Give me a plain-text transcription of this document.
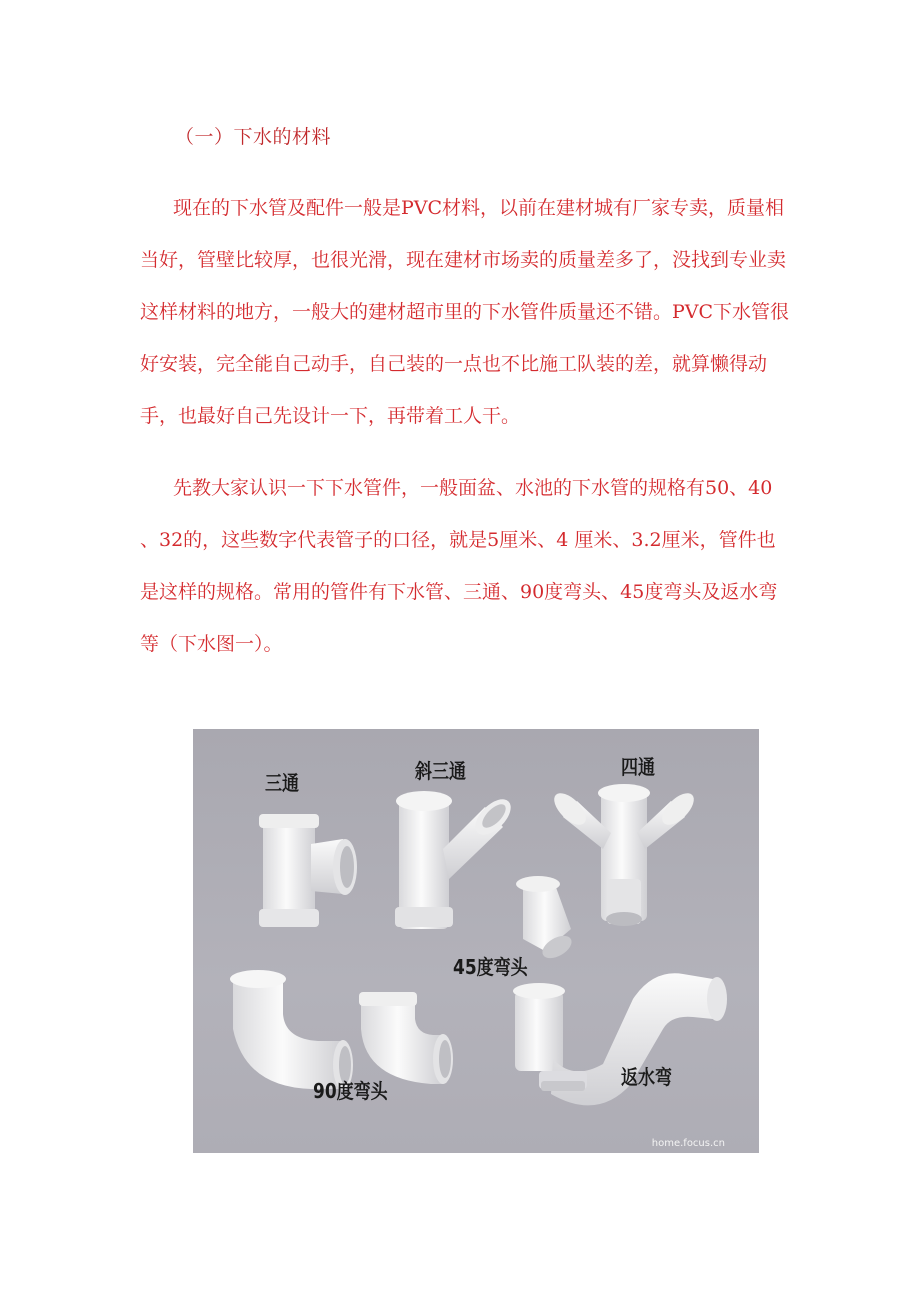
（一）下水的材料

现在的下水管及配件一般是PVC材料，以前在建材城有厂家专卖，质量相当好，管壁比较厚，也很光滑，现在建材市场卖的质量差多了，没找到专业卖这样材料的地方，一般大的建材超市里的下水管件质量还不错。PVC下水管很好安装，完全能自己动手，自己装的一点也不比施工队装的差，就算懒得动手，也最好自己先设计一下，再带着工人干。

先教大家认识一下下水管件，一般面盆、水池的下水管的规格有50、40 、32的，这些数字代表管子的口径，就是5厘米、4 厘米、3.2厘米，管件也是这样的规格。常用的管件有下水管、三通、90度弯头、45度弯头及返水弯等（下水图一）。

三通	斜三通	四通
45度弯头
90度弯头
返水弯
home.focus.cn
